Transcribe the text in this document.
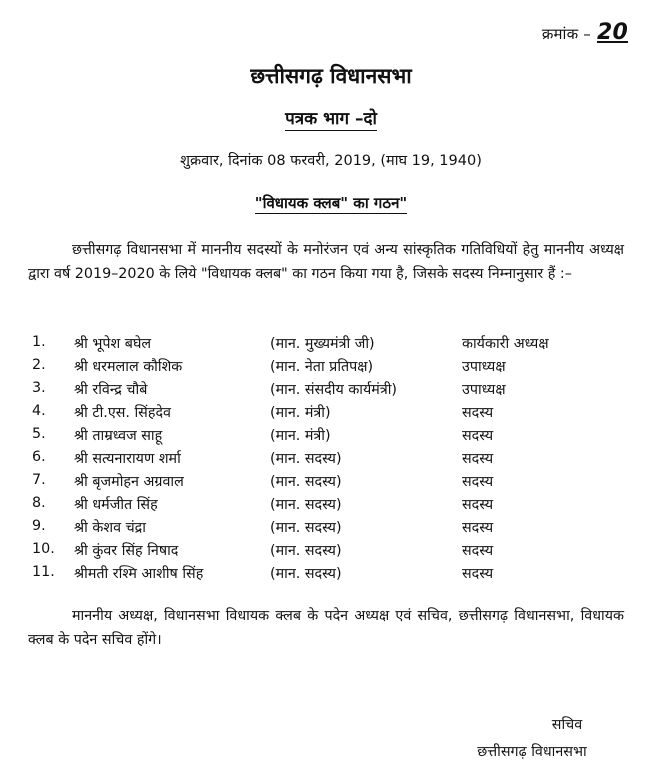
क्रमांक – 20
छत्तीसगढ़ विधानसभा
पत्रक भाग –दो
शुक्रवार, दिनांक 08 फरवरी, 2019, (माघ 19, 1940)
"विधायक क्लब" का गठन"
छत्तीसगढ़ विधानसभा में माननीय सदस्यों के मनोरंजन एवं अन्य सांस्कृतिक गतिविधियों हेतु माननीय अध्यक्ष द्वारा वर्ष 2019–2020 के लिये "विधायक क्लब" का गठन किया गया है, जिसके सदस्य निम्नानुसार हैं :–
1. श्री भूपेश बघेल	(मान. मुख्यमंत्री जी)	कार्यकारी अध्यक्ष
2. श्री धरमलाल कौशिक	(मान. नेता प्रतिपक्ष)	उपाध्यक्ष
3. श्री रविन्द्र चौबे	(मान. संसदीय कार्यमंत्री)	उपाध्यक्ष
4. श्री टी.एस. सिंहदेव	(मान. मंत्री)	सदस्य
5. श्री ताम्रध्वज साहू	(मान. मंत्री)	सदस्य
6. श्री सत्यनारायण शर्मा	(मान. सदस्य)	सदस्य
7. श्री बृजमोहन अग्रवाल	(मान. सदस्य)	सदस्य
8. श्री धर्मजीत सिंह	(मान. सदस्य)	सदस्य
9. श्री केशव चंद्रा	(मान. सदस्य)	सदस्य
10. श्री कुंवर सिंह निषाद	(मान. सदस्य)	सदस्य
11. श्रीमती रश्मि आशीष सिंह	(मान. सदस्य)	सदस्य
माननीय अध्यक्ष, विधानसभा विधायक क्लब के पदेन अध्यक्ष एवं सचिव, छत्तीसगढ़ विधानसभा, विधायक क्लब के पदेन सचिव होंगे।
सचिव
छत्तीसगढ़ विधानसभा
